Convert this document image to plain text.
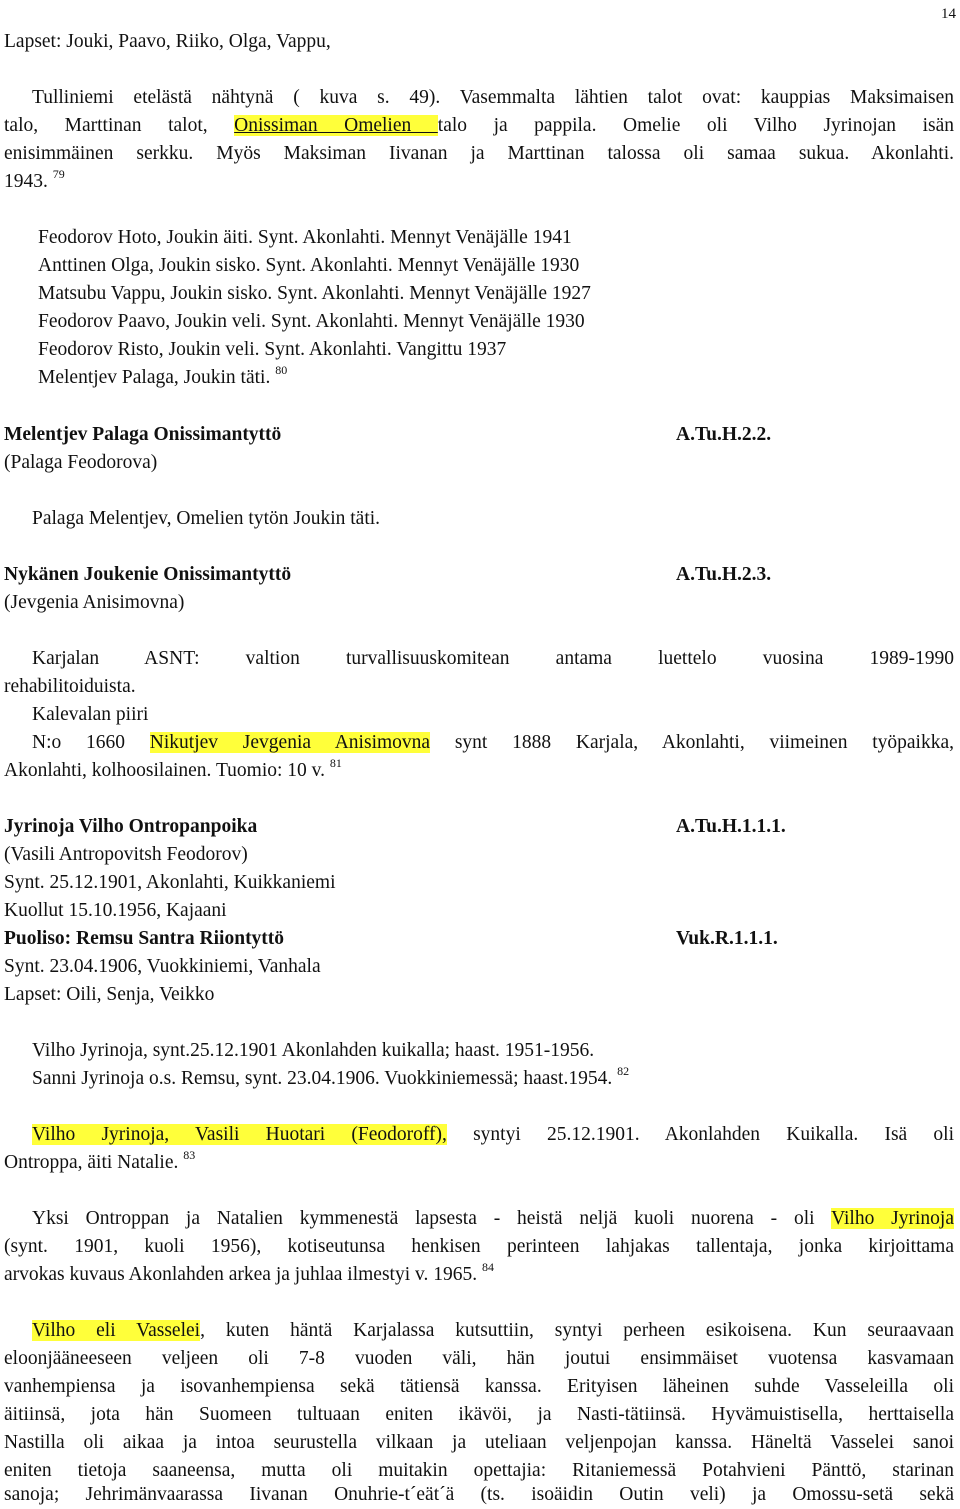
14
Lapset: Jouki, Paavo, Riiko, Olga, Vappu,
Tulliniemi etelästä nähtynä ( kuva s. 49). Vasemmalta lähtien talot ovat: kauppias Maksimaisen
talo, Marttinan talot, Onissiman Omelien talo ja pappila. Omelie oli Vilho Jyrinojan isän
enisimmäinen serkku. Myös Maksiman Iivanan ja Marttinan talossa oli samaa sukua. Akonlahti.
1943. $^{79}$
Feodorov Hoto, Joukin äiti. Synt. Akonlahti. Mennyt Venäjälle 1941
Anttinen Olga, Joukin sisko. Synt. Akonlahti. Mennyt Venäjälle 1930
Matsubu Vappu, Joukin sisko. Synt. Akonlahti. Mennyt Venäjälle 1927
Feodorov Paavo, Joukin veli. Synt. Akonlahti. Mennyt Venäjälle 1930
Feodorov Risto, Joukin veli. Synt. Akonlahti. Vangittu 1937
Melentjev Palaga, Joukin täti. $^{80}$
Melentjev Palaga Onissimantyttö	A.Tu.H.2.2.
(Palaga Feodorova)
Palaga Melentjev, Omelien tytön Joukin täti.
Nykänen Joukenie Onissimantyttö	A.Tu.H.2.3.
(Jevgenia Anisimovna)
Karjalan ASNT: valtion turvallisuuskomitean antama luettelo vuosina 1989-1990
rehabilitoiduista.
Kalevalan piiri
N:o 1660 Nikutjev Jevgenia Anisimovna synt 1888 Karjala, Akonlahti, viimeinen työpaikka,
Akonlahti, kolhoosilainen. Tuomio: 10 v. $^{81}$
Jyrinoja Vilho Ontropanpoika	A.Tu.H.1.1.1.
(Vasili Antropovitsh Feodorov)
Synt. 25.12.1901, Akonlahti, Kuikkaniemi
Kuollut 15.10.1956, Kajaani
Puoliso: Remsu Santra Riiontyttö	Vuk.R.1.1.1.
Synt. 23.04.1906, Vuokkiniemi, Vanhala
Lapset: Oili, Senja, Veikko
Vilho Jyrinoja, synt.25.12.1901 Akonlahden kuikalla; haast. 1951-1956.
Sanni Jyrinoja o.s. Remsu, synt. 23.04.1906. Vuokkiniemessä; haast.1954. $^{82}$
Vilho Jyrinoja, Vasili Huotari (Feodoroff), syntyi 25.12.1901. Akonlahden Kuikalla. Isä oli
Ontroppa, äiti Natalie. $^{83}$
Yksi Ontroppan ja Natalien kymmenestä lapsesta - heistä neljä kuoli nuorena - oli Vilho Jyrinoja
(synt. 1901, kuoli 1956), kotiseutunsa henkisen perinteen lahjakas tallentaja, jonka kirjoittama
arvokas kuvaus Akonlahden arkea ja juhlaa ilmestyi v. 1965. $^{84}$
Vilho eli Vasselei, kuten häntä Karjalassa kutsuttiin, syntyi perheen esikoisena. Kun seuraavaan
eloonjääneeseen veljeen oli 7-8 vuoden väli, hän joutui ensimmäiset vuotensa kasvamaan
vanhempiensa ja isovanhempiensa sekä tätiensä kanssa. Erityisen läheinen suhde Vasseleilla oli
äitiinsä, jota hän Suomeen tultuaan eniten ikävöi, ja Nasti-tätiinsä. Hyvämuistisella, herttaisella
Nastilla oli aikaa ja intoa seurustella vilkaan ja uteliaan veljenpojan kanssa. Häneltä Vasselei sanoi
eniten tietoja saaneensa, mutta oli muitakin opettajia: Ritaniemessä Potahvieni Pänttö, starinan
sanoja; Jehrimänvaarassa Iivanan Onuhrie-t´eät´ä (ts. isoäidin Outin veli) ja Omossu-setä sekä
